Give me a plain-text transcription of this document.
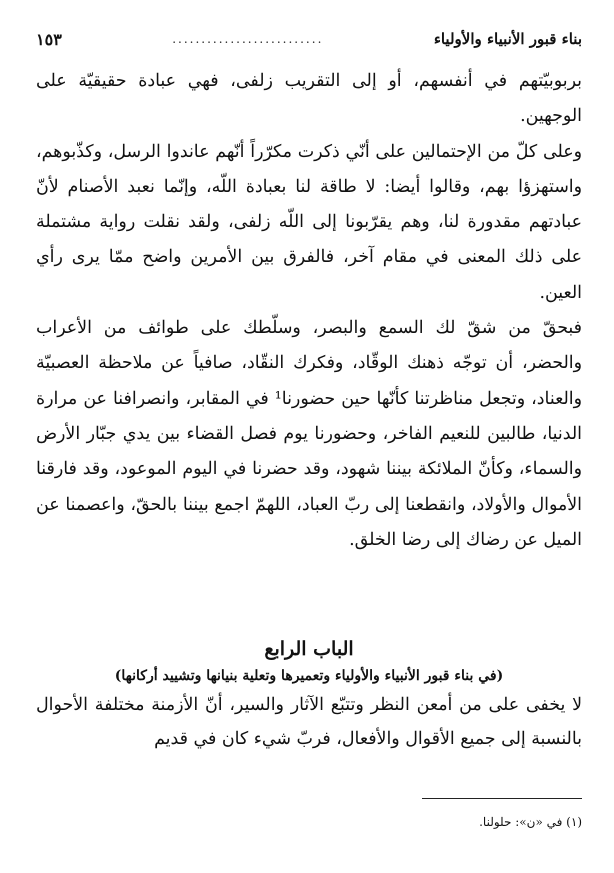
بناء قبور الأنبياء والأولياء
..........................
١٥٣

بربوبيّتهم في أنفسهم، أو إلى التقريب زلفى، فهي عبادة حقيقيّة على الوجهين.

وعلى كلّ من الإحتمالين على أنّي ذكرت مكرّراً أنّهم عاندوا الرسل، وكذّبوهم، واستهزؤا بهم، وقالوا أيضا: لا طاقة لنا بعبادة اللّه، وإنّما نعبد الأصنام لأنّ عبادتهم مقدورة لنا، وهم يقرّبونا إلى اللّه زلفى، ولقد نقلت رواية مشتملة على ذلك المعنى في مقام آخر، فالفرق بين الأمرين واضح ممّا يرى رأي العين.

فبحقّ من شقّ لك السمع والبصر، وسلّطك على طوائف من الأعراب والحضر، أن توجّه ذهنك الوقّاد، وفكرك النقّاد، صافياً عن ملاحظة العصبيّة والعناد، وتجعل مناظرتنا كأنّها حين حضورنا¹ في المقابر، وانصرافنا عن مرارة الدنيا، طالبين للنعيم الفاخر، وحضورنا يوم فصل القضاء بين يدي جبّار الأرض والسماء، وكأنّ الملائكة بيننا شهود، وقد حضرنا في اليوم الموعود، وقد فارقنا الأموال والأولاد، وانقطعنا إلى ربّ العباد، اللهمّ اجمع بيننا بالحقّ، واعصمنا عن الميل عن رضاك إلى رضا الخلق.

الباب الرابع
(في بناء قبور الأنبياء والأولياء وتعميرها وتعلية بنيانها وتشييد أركانها)

لا يخفى على من أمعن النظر وتتبّع الآثار والسير، أنّ الأزمنة مختلفة الأحوال بالنسبة إلى جميع الأقوال والأفعال، فربّ شيء كان في قديم

(١) في «ن»: حلولنا.
